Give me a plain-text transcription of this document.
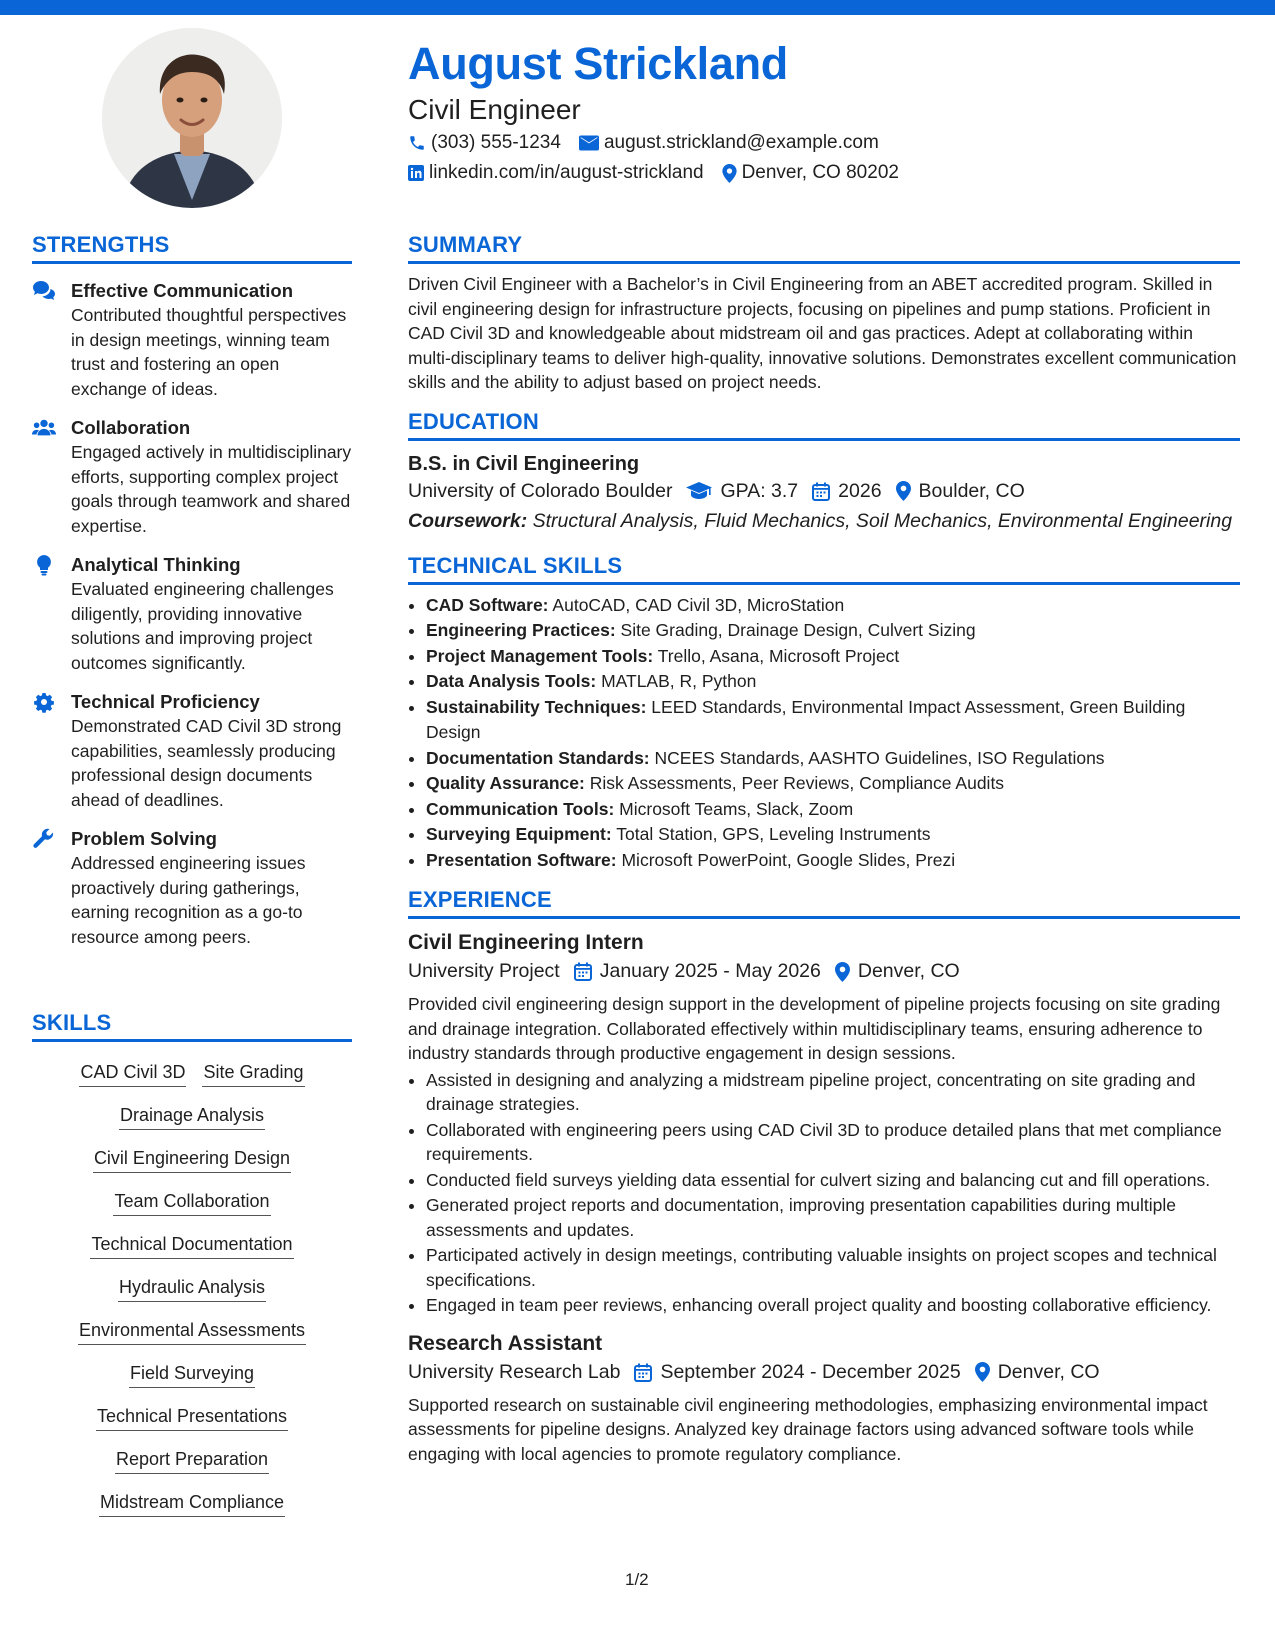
August Strickland
Civil Engineer
(303) 555-1234 august.strickland@example.com
linkedin.com/in/august-strickland Denver, CO 80202
STRENGTHS
Effective Communication
Contributed thoughtful perspectives in design meetings, winning team trust and fostering an open exchange of ideas.
Collaboration
Engaged actively in multidisciplinary efforts, supporting complex project goals through teamwork and shared expertise.
Analytical Thinking
Evaluated engineering challenges diligently, providing innovative solutions and improving project outcomes significantly.
Technical Proficiency
Demonstrated CAD Civil 3D strong capabilities, seamlessly producing professional design documents ahead of deadlines.
Problem Solving
Addressed engineering issues proactively during gatherings, earning recognition as a go-to resource among peers.
SKILLS
CAD Civil 3D Site Grading
Drainage Analysis
Civil Engineering Design
Team Collaboration
Technical Documentation
Hydraulic Analysis
Environmental Assessments
Field Surveying
Technical Presentations
Report Preparation
Midstream Compliance
SUMMARY

Driven Civil Engineer with a Bachelor’s in Civil Engineering from an ABET accredited program. Skilled in civil engineering design for infrastructure projects, focusing on pipelines and pump stations. Proficient in CAD Civil 3D and knowledgeable about midstream oil and gas practices. Adept at collaborating within multi-disciplinary teams to deliver high-quality, innovative solutions. Demonstrates excellent communication skills and the ability to adjust based on project needs.

EDUCATION
B.S. in Civil Engineering
University of Colorado Boulder GPA: 3.7 2026 Boulder, CO
Coursework: Structural Analysis, Fluid Mechanics, Soil Mechanics, Environmental Engineering
TECHNICAL SKILLS
• CAD Software: AutoCAD, CAD Civil 3D, MicroStation
• Engineering Practices: Site Grading, Drainage Design, Culvert Sizing
• Project Management Tools: Trello, Asana, Microsoft Project
• Data Analysis Tools: MATLAB, R, Python
• Sustainability Techniques: LEED Standards, Environmental Impact Assessment, Green Building Design
• Documentation Standards: NCEES Standards, AASHTO Guidelines, ISO Regulations
• Quality Assurance: Risk Assessments, Peer Reviews, Compliance Audits
• Communication Tools: Microsoft Teams, Slack, Zoom
• Surveying Equipment: Total Station, GPS, Leveling Instruments
• Presentation Software: Microsoft PowerPoint, Google Slides, Prezi
EXPERIENCE
Civil Engineering Intern
University Project January 2025 - May 2026 Denver, CO

Provided civil engineering design support in the development of pipeline projects focusing on site grading and drainage integration. Collaborated effectively within multidisciplinary teams, ensuring adherence to industry standards through productive engagement in design sessions.

• Assisted in designing and analyzing a midstream pipeline project, concentrating on site grading and drainage strategies.
• Collaborated with engineering peers using CAD Civil 3D to produce detailed plans that met compliance requirements.
• Conducted field surveys yielding data essential for culvert sizing and balancing cut and fill operations.
• Generated project reports and documentation, improving presentation capabilities during multiple assessments and updates.
• Participated actively in design meetings, contributing valuable insights on project scopes and technical specifications.
• Engaged in team peer reviews, enhancing overall project quality and boosting collaborative efficiency.
Research Assistant
University Research Lab September 2024 - December 2025 Denver, CO

Supported research on sustainable civil engineering methodologies, emphasizing environmental impact assessments for pipeline designs. Analyzed key drainage factors using advanced software tools while engaging with local agencies to promote regulatory compliance.

1/2
